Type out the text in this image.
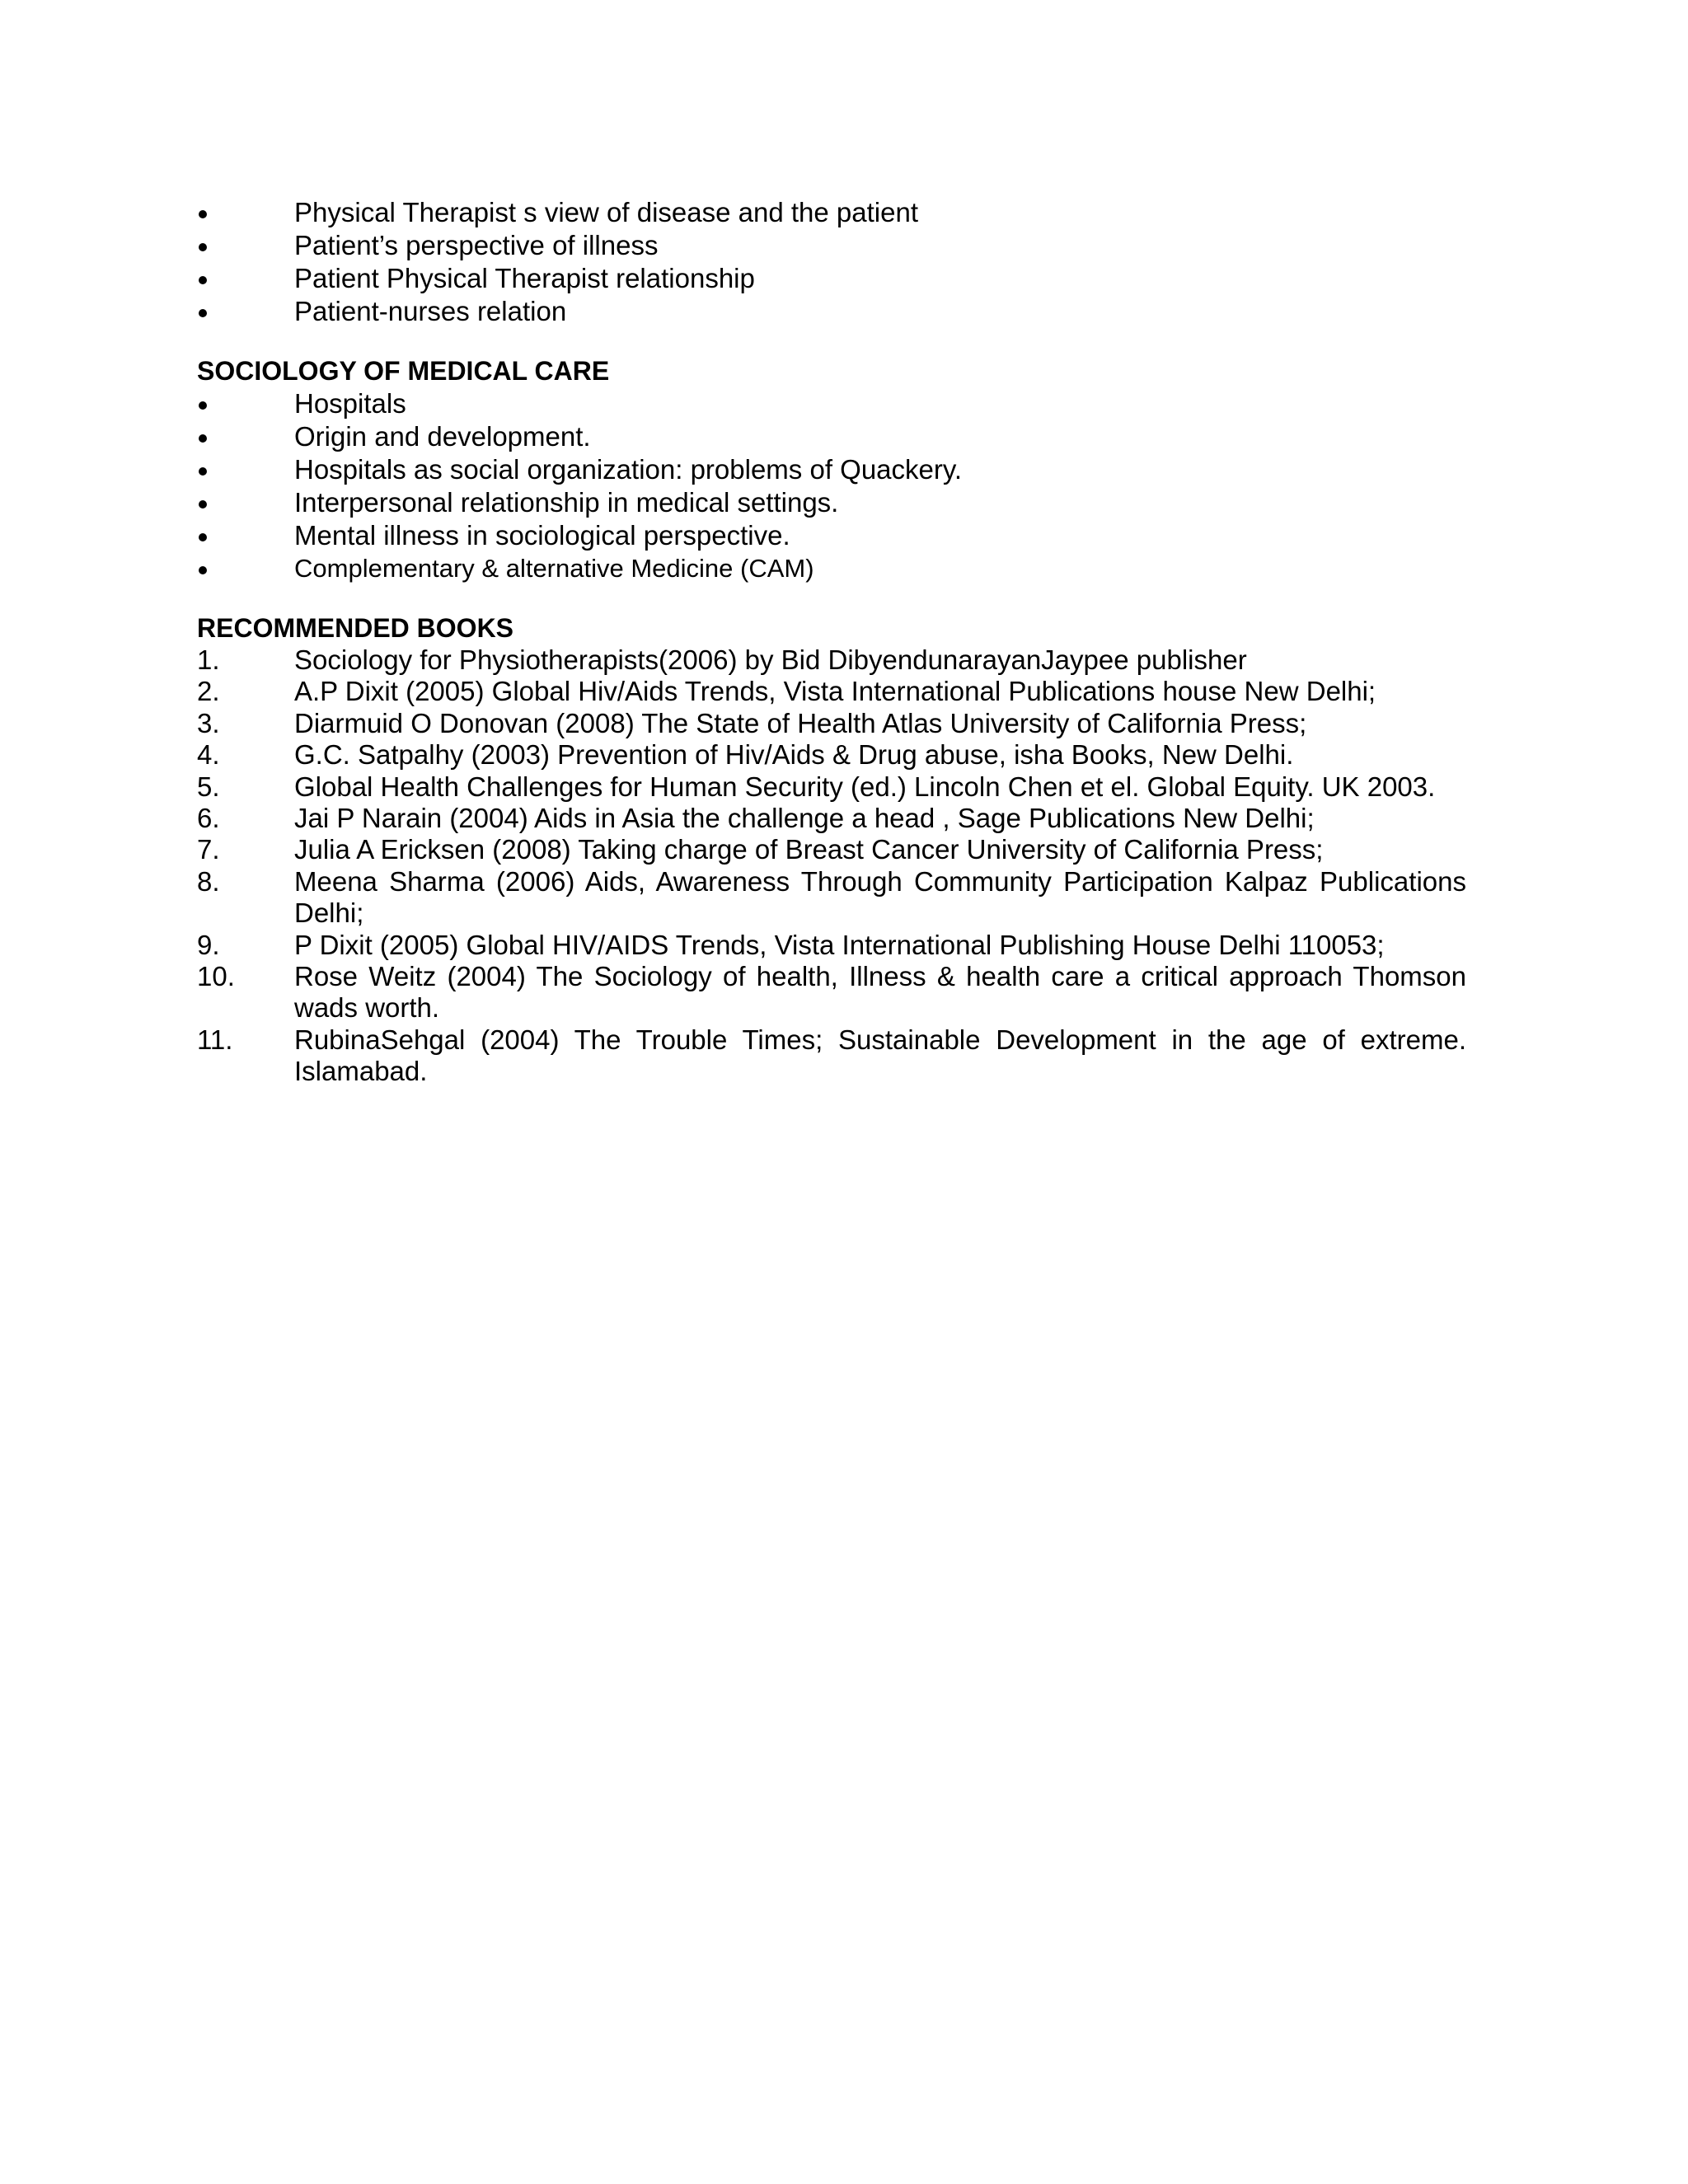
Physical Therapist s view of disease and the patient
Patient’s perspective of illness
Patient Physical Therapist relationship
Patient-nurses relation
SOCIOLOGY OF MEDICAL CARE
Hospitals
Origin and development.
Hospitals as social organization: problems of Quackery.
Interpersonal relationship in medical settings.
Mental illness in sociological perspective.
Complementary & alternative Medicine (CAM)
RECOMMENDED BOOKS
1.	Sociology for Physiotherapists(2006) by Bid DibyendunarayanJaypee publisher
2.	A.P Dixit (2005) Global Hiv/Aids Trends, Vista International Publications house New Delhi;
3.	Diarmuid O Donovan (2008) The State of Health Atlas University of California Press;
4.	G.C. Satpalhy (2003) Prevention of Hiv/Aids & Drug abuse, isha Books, New Delhi.
5.	Global Health Challenges for Human Security (ed.) Lincoln Chen et el. Global Equity. UK 2003.
6.	Jai P Narain (2004) Aids in Asia the challenge a head , Sage Publications New Delhi;
7.	Julia A Ericksen (2008) Taking charge of Breast Cancer University of California Press;
8.	Meena Sharma (2006) Aids, Awareness Through Community Participation Kalpaz Publications Delhi;
9.	P Dixit (2005) Global HIV/AIDS Trends, Vista International Publishing House Delhi 110053;
10.	Rose Weitz (2004) The Sociology of health, Illness & health care a critical approach Thomson wads worth.
11.	RubinaSehgal (2004) The Trouble Times; Sustainable Development in the age of extreme. Islamabad.
